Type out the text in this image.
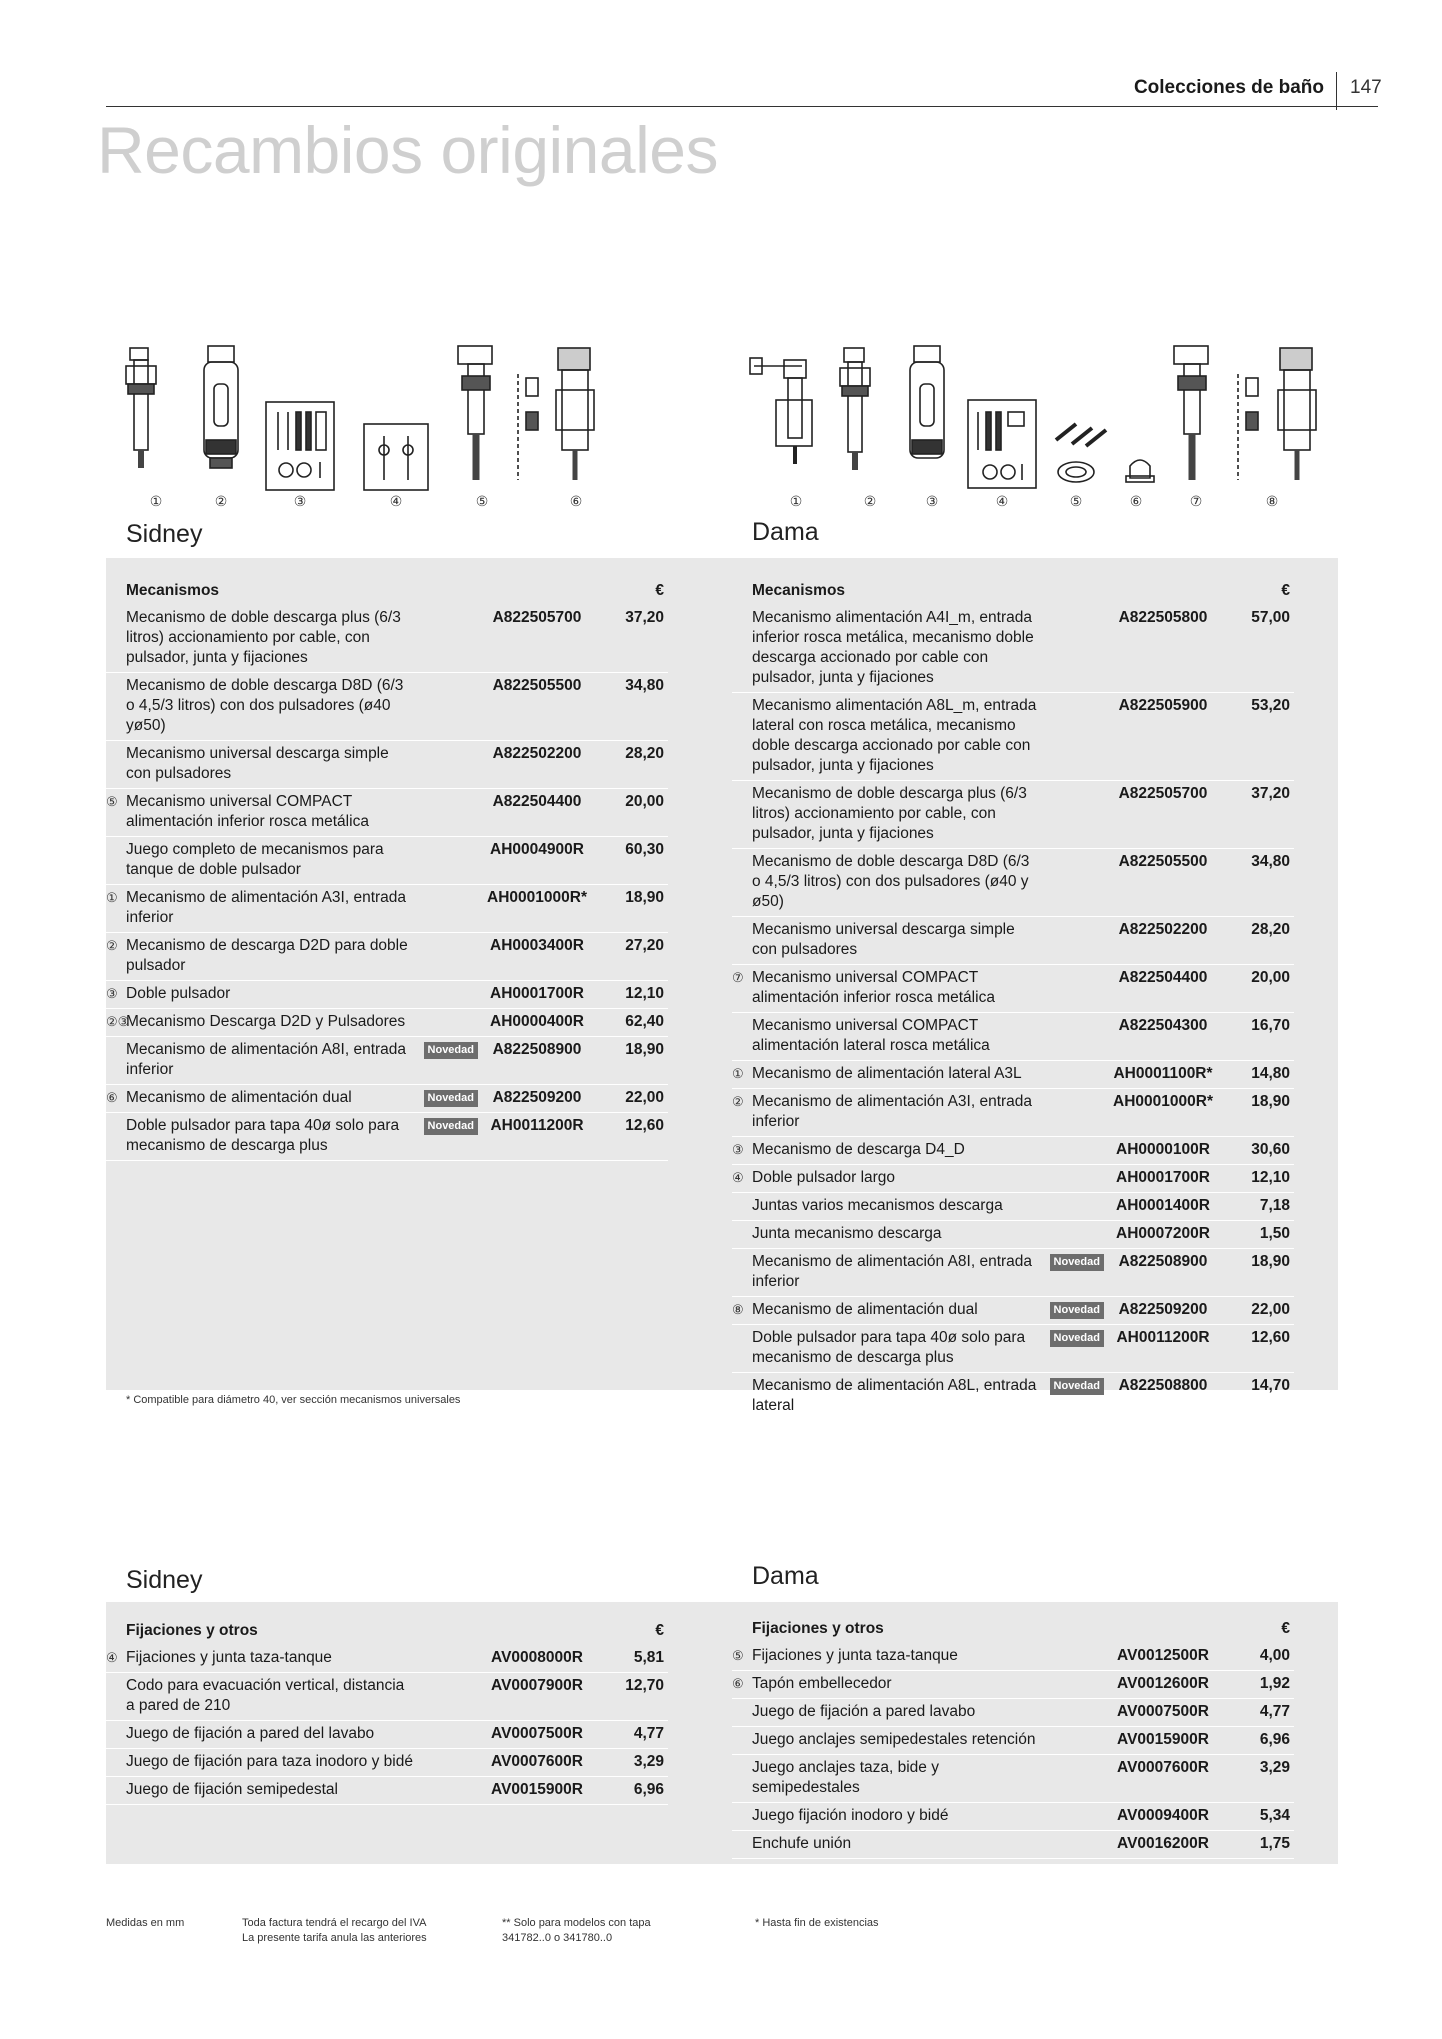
Colecciones de baño 147
Recambios originales
①	②	③	④	⑤	⑥	①	②	③	④	⑤	⑥	⑦	⑧
Sidney	Dama
Mecanismos	€
Mecanismo de doble descarga plus (6/3 litros) accionamiento por cable, con pulsador, junta y fijaciones
A822505700	37,20
Mecanismo de doble descarga D8D (6/3 o 4,5/3 litros) con dos pulsadores (ø40 yø50)
A822505500	34,80
Mecanismo universal descarga simple con pulsadores
A822502200	28,20
⑤ Mecanismo universal COMPACT alimentación inferior rosca metálica
A822504400	20,00
Juego completo de mecanismos para tanque de doble pulsador
AH0004900R	60,30
① Mecanismo de alimentación A3I, entrada inferior
AH0001000R*	18,90
② Mecanismo de descarga D2D para doble pulsador
AH0003400R	27,20
③ Doble pulsador	AH0001700R	12,10
②③
Mecanismo Descarga D2D y Pulsadores	AH0000400R	62,40
Mecanismo de alimentación A8I, entrada inferior
Novedad	A822508900	18,90
⑥ Mecanismo de alimentación dual	Novedad	A822509200	22,00
Doble pulsador para tapa 40ø solo para mecanismo de descarga plus
Novedad	AH0011200R	12,60
* Compatible para diámetro 40, ver sección mecanismos universales
Mecanismos	€
Mecanismo alimentación A4I_m, entrada inferior rosca metálica, mecanismo doble descarga accionado por cable con pulsador, junta y fijaciones
A822505800	57,00
Mecanismo alimentación A8L_m, entrada lateral con rosca metálica, mecanismo doble descarga accionado por cable con pulsador, junta y fijaciones
A822505900	53,20
Mecanismo de doble descarga plus (6/3 litros) accionamiento por cable, con pulsador, junta y fijaciones
A822505700	37,20
Mecanismo de doble descarga D8D (6/3 o 4,5/3 litros) con dos pulsadores (ø40 y ø50)
A822505500	34,80
Mecanismo universal descarga simple con pulsadores
A822502200	28,20
⑦ Mecanismo universal COMPACT alimentación inferior rosca metálica
A822504400	20,00
Mecanismo universal COMPACT alimentación lateral rosca metálica
A822504300	16,70
① Mecanismo de alimentación lateral A3L	AH0001100R*	14,80
② Mecanismo de alimentación A3I, entrada inferior
AH0001000R*	18,90
③ Mecanismo de descarga D4_D	AH0000100R	30,60
④ Doble pulsador largo	AH0001700R	12,10
Juntas varios mecanismos descarga	AH0001400R	7,18
Junta mecanismo descarga	AH0007200R	1,50
Mecanismo de alimentación A8I, entrada inferior
Novedad	A822508900	18,90
⑧ Mecanismo de alimentación dual	Novedad	A822509200	22,00
Doble pulsador para tapa 40ø solo para mecanismo de descarga plus
Novedad	AH0011200R	12,60
Mecanismo de alimentación A8L, entrada lateral
Novedad	A822508800	14,70
Sidney	Dama
Fijaciones y otros	€
④ Fijaciones y junta taza-tanque	AV0008000R	5,81
Codo para evacuación vertical, distancia a pared de 210
AV0007900R	12,70
Juego de fijación a pared del lavabo	AV0007500R	4,77
Juego de fijación para taza inodoro y bidé	AV0007600R	3,29
Juego de fijación semipedestal	AV0015900R	6,96
Fijaciones y otros	€
⑤ Fijaciones y junta taza-tanque	AV0012500R	4,00
⑥ Tapón embellecedor	AV0012600R	1,92
Juego de fijación a pared lavabo	AV0007500R	4,77
Juego anclajes semipedestales retención	AV0015900R	6,96
Juego anclajes taza, bide y semipedestales
AV0007600R	3,29
Juego fijación inodoro y bidé	AV0009400R	5,34
Enchufe unión	AV0016200R	1,75
Medidas en mm	Toda factura tendrá el recargo del IVA
La presente tarifa anula las anteriores
** Solo para modelos con tapa
341782..0 o 341780..0
* Hasta fin de existencias
